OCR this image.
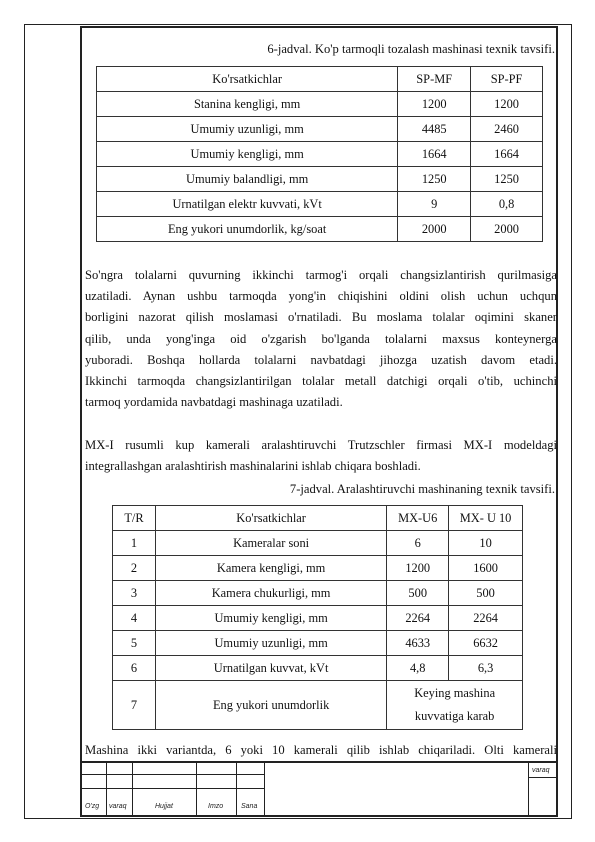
6-jadval. Ko'p tarmoqli tozalash mashinasi texnik tavsifi.
Ko'rsatkichlar	SP-MF	SP-PF
Stanina kengligi, mm	1200	1200
Umumiy uzunligi, mm	4485	2460
Umumiy kengligi, mm	1664	1664
Umumiy balandligi, mm	1250	1250
Urnatilgan elektr kuvvati, kVt	9	0,8
Eng yukori unumdorlik, kg/soat	2000	2000
So'ngra tolalarni quvurning ikkinchi tarmog'i orqali changsizlantirish qurilmasiga
uzatiladi. Aynan ushbu tarmoqda yong'in chiqishini oldini olish uchun uchqun
borligini nazorat qilish moslamasi o'rnatiladi. Bu moslama tolalar oqimini skaner
qilib, unda yong'inga oid o'zgarish bo'lganda tolalarni maxsus konteynerga
yuboradi. Boshqa hollarda tolalarni navbatdagi jihozga uzatish davom etadi.
Ikkinchi tarmoqda changsizlantirilgan tolalar metall datchigi orqali o'tib, uchinchi
tarmoq yordamida navbatdagi mashinaga uzatiladi.
MX-I rusumli kup kamerali aralashtiruvchi Trutzschler firmasi MX-I modeldagi
integrallashgan aralashtirish mashinalarini ishlab chiqara boshladi.
7-jadval. Aralashtiruvchi mashinaning texnik tavsifi.
T/R	Ko'rsatkichlar	MX-U6	MX- U 10
1	Kameralar soni	6	10
2	Kamera kengligi, mm	1200	1600
3	Kamera chukurligi, mm	500	500
4	Umumiy kengligi, mm	2264	2264
5	Umumiy uzunligi, mm	4633	6632
6	Urnatilgan kuvvat, kVt	4,8	6,3
7	Eng yukori unumdorlik	Keying mashina
kuvvatiga karab	
Mashina ikki variantda, 6 yoki 10 kamerali qilib ishlab chiqariladi. Olti kamerali
O'zg varaq	Hujjat	Imzo	Sana
varaq
